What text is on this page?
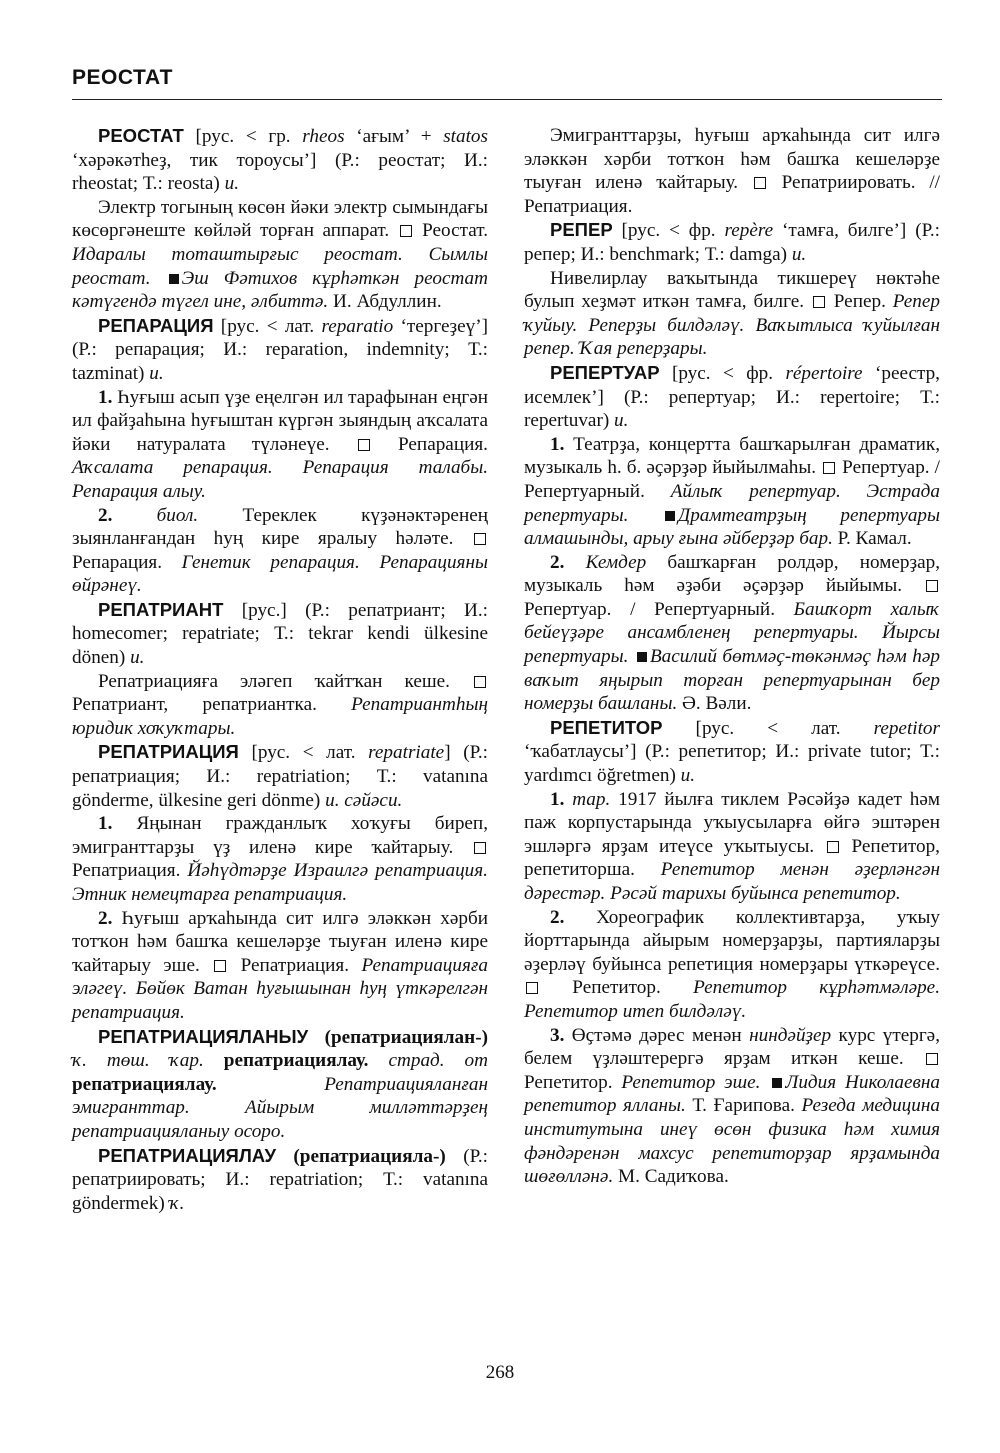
РЕОСТАТ

РЕОСТАТ [рус. < гр. rheos ‘ағым’ + statos ‘хәрәкәтһеҙ, тик тороусы’] (Р.: реостат; И.: rheostat; Т.: reosta) и.

Электр тогының көсөн йәки электр сымындағы көсөргәнеште көйләй торған аппарат.  Реостат. Идаралы тоташтырғыс реостат. Сымлы реостат. Эш Фәтихов кұрһәткән реостат кәтүгендә түгел ине, әлбиттә. И. Абдуллин.

РЕПАРАЦИЯ [рус. < лат. reparatio ‘тергеҙеү’] (Р.: репарация; И.: reparation, indemnity; Т.: tazminat) и.

1. Һуғыш асып үҙе еңелгән ил тарафынан еңгән ил файҙаһына һуғыштан күргән зыяндың аҡсалата йәки натуралата түләнеүе.  Репарация. Аҡсалата репарация. Репарация талабы. Репарация алыу.

2. биол. Тереклек күҙәнәктәренең зыянланғандан һуң кире яралыу һәләте.  Репарация. Генетик репарация. Репарацияны өйрәнеү.

РЕПАТРИАНТ [рус.] (Р.: репатриант; И.: homecomer; repatriate; Т.: tekrar kendi ülkesine dönen) и.

Репатриацияға эләгеп ҡайтҡан кеше.  Репатриант, репатриантка. Репатриантһың юридик хоҡуҡтары.

РЕПАТРИАЦИЯ [рус. < лат. repatriate] (Р.: репатриация; И.: repatriation; Т.: vatanına gönderme, ülkesine geri dönme) и. сәйәси.

1. Яңынан гражданлыҡ хоҡуғы биреп, эмигранттарҙы үҙ иленә кире ҡайтарыу.  Репатриация. Йәһүдтәрҙе Израилгә репатриация. Этник немецтарға репатриация.

2. Һуғыш арҡаһында сит илгә эләккән хәрби тотҡон һәм башҡа кешеләрҙе тыуған иленә кире ҡайтарыу эше.  Репатриация. Репатриацияға эләгеү. Бөйөк Ватан һуғышынан һуң үткәрелгән репатриация.

РЕПАТРИАЦИЯЛАНЫУ (репатриациялан-) ҡ. төш. ҡар. репатриациялау. страд. от репатриациялау. Репатриацияланған эмигранттар. Айырым милләттәрҙең репатриацияланыу осоро.

РЕПАТРИАЦИЯЛАУ (репатриациялa-) (Р.: репатриировать; И.: repatriation; Т.: vatanına göndermek) ҡ.

Эмигранттарҙы, һуғыш арҡаһында сит илгә эләккән хәрби тотҡон һәм башҡа кешеләрҙе тыуған иленә ҡайтарыу.  Репатриировать. // Репатриация.

РЕПЕР [рус. < фр. repère ‘тамға, билге’] (Р.: репер; И.: benchmark; Т.: damga) и.

Нивелирлау ваҡытында тикшереү нөктәһе булып хеҙмәт иткән тамға, билге.  Репер. Репер ҡуйыу. Реперҙы билдәләү. Ваҡытлыса ҡуйылған репер. Ҡая реперҙары.

РЕПЕРТУАР [рус. < фр. répertoire ‘реестр, исемлек’] (Р.: репертуар; И.: repertoire; Т.: repertuvar) и.

1. Театрҙа, концертта башҡарылған драматик, музыкаль һ. б. әҫәрҙәр йыйылмаһы.  Репертуар. / Репертуарный. Айлыҡ репертуар. Эстрада репертуары.	Драмтеатрҙың репертуары алмашынды, арыу ғына әйберҙәр бар. Р. Камал.

2. Кемдер башҡарған ролдәр, номерҙар, музыкаль һәм әҙәби әҫәрҙәр йыйымы.  Репертуар. / Репертуарный. Башҡорт халыҡ бейеүҙәре ансамбленең репертуары. Йырсы репертуары. Василий бөтмәҫ-төкәнмәҫ һәм һәр ваҡыт яңырып торған репертуарынан бер номерҙы башланы. Ә. Вәли.

РЕПЕТИТОР [рус. < лат. repetitor ‘ҡабатлаусы’] (Р.: репетитор; И.: private tutor; Т.: yardımcı öğretmen) и.

1. тар. 1917 йылға тиклем Рәсәйҙә кадет һәм паж корпустарында уҡыусыларға өйгә эштәрен эшләргә ярҙам итеүсе уҡытыусы.  Репетитор, репетиторша. Репетитор менән әҙерләнгән дәрестәр. Рәсәй тарихы буйынса репетитор.

2. Хореографик коллективтарҙа, уҡыу йорттарында айырым номерҙарҙы, партияларҙы әҙерләү буйынса репетиция номерҙары үткәреүсе.  Репетитор. Репетитор кұрһәтмәләре. Репетитор итеп билдәләү.

3. Өҫтәмә дәрес менән ниндәйҙер курс үтергә, белем үҙләштерергә ярҙам иткән кеше.  Репетитор. Репетитор эше. Лидия Николаевна репетитор ялланы. Т. Ғарипова. Резеда медицина институтына инеү өсөн физика һәм химия фәндәренән махсус репетиторҙар ярҙамында шөғөлләнә. М. Садиҡова.

268
